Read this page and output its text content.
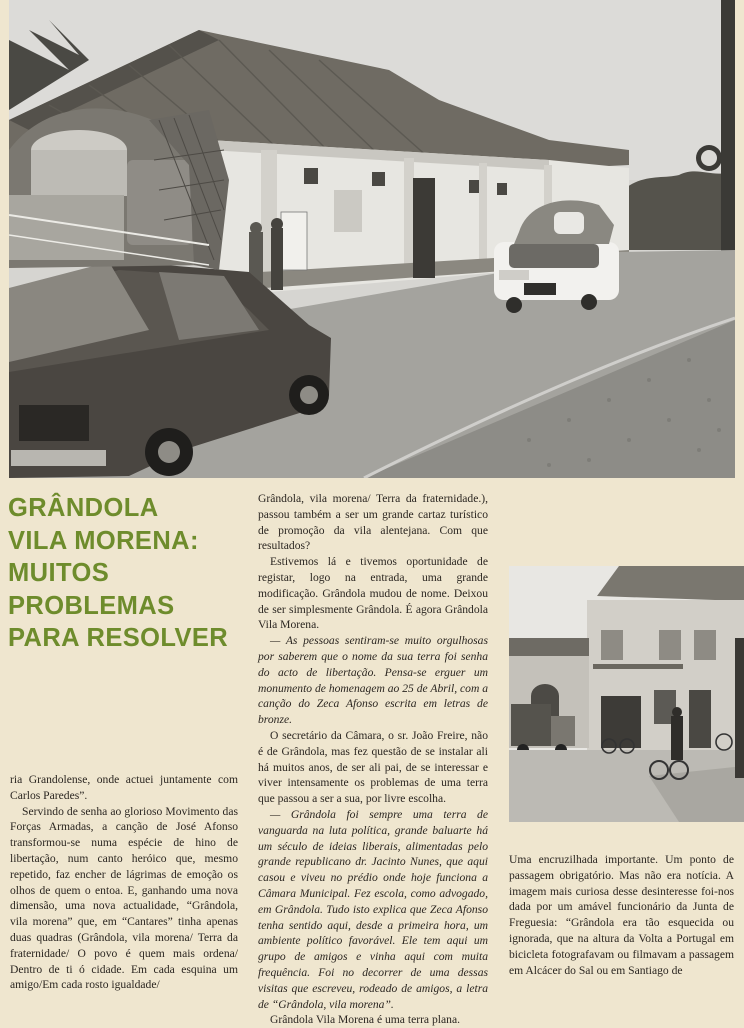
GRÂNDOLA
VILA MORENA:
MUITOS
PROBLEMAS
PARA RESOLVER

ria Grandolense, onde actuei juntamente com Carlos Paredes”.

Servindo de senha ao glorioso Movimento das Forças Armadas, a canção de José Afonso transformou-se numa espécie de hino de libertação, num canto heróico que, mesmo repetido, faz encher de lágrimas de emoção os olhos de quem o entoa. E, ganhando uma nova dimensão, uma nova actualidade, “Grândola, vila morena” que, em “Cantares” tinha apenas duas quadras (Grândola, vila morena/ Terra da fraternidade/ O povo é quem mais ordena/ Dentro de ti ó cidade. Em cada esquina um amigo/Em cada rosto igualdade/

Grândola, vila morena/ Terra da fraternidade.), passou também a ser um grande cartaz turístico de promoção da vila alentejana. Com que resultados?

Estivemos lá e tivemos oportunidade de registar, logo na entrada, uma grande modificação. Grândola mudou de nome. Deixou de ser simplesmente Grândola. É agora Grândola Vila Morena.

— As pessoas sentiram-se muito orgulhosas por saberem que o nome da sua terra foi senha do acto de libertação. Pensa-se erguer um monumento de homenagem ao 25 de Abril, com a canção do Zeca Afonso escrita em letras de bronze.

O secretário da Câmara, o sr. João Freire, não é de Grândola, mas fez questão de se instalar ali há muitos anos, de ser ali pai, de se interessar e viver intensamente os problemas de uma terra que passou a ser a sua, por livre escolha.

— Grândola foi sempre uma terra de vanguarda na luta política, grande baluarte há um século de ideias liberais, alimentadas pelo grande republicano dr. Jacinto Nunes, que aqui casou e viveu no prédio onde hoje funciona a Câmara Municipal. Fez escola, como advogado, em Grândola. Tudo isto explica que Zeca Afonso tenha sentido aqui, desde a primeira hora, um ambiente político favorável. Ele tem aqui um grupo de amigos e vinha aqui com muita frequência. Foi no decorrer de uma dessas visitas que escreveu, rodeado de amigos, a letra de “Grândola, vila morena”.

Grândola Vila Morena é uma terra plana.

Uma encruzilhada importante. Um ponto de passagem obrigatório. Mas não era notícia. A imagem mais curiosa desse desinteresse foi-nos dada por um amável funcionário da Junta de Freguesia: “Grândola era tão esquecida ou ignorada, que na altura da Volta a Portugal em bicicleta fotografavam ou filmavam a passagem em Alcácer do Sal ou em Santiago de
